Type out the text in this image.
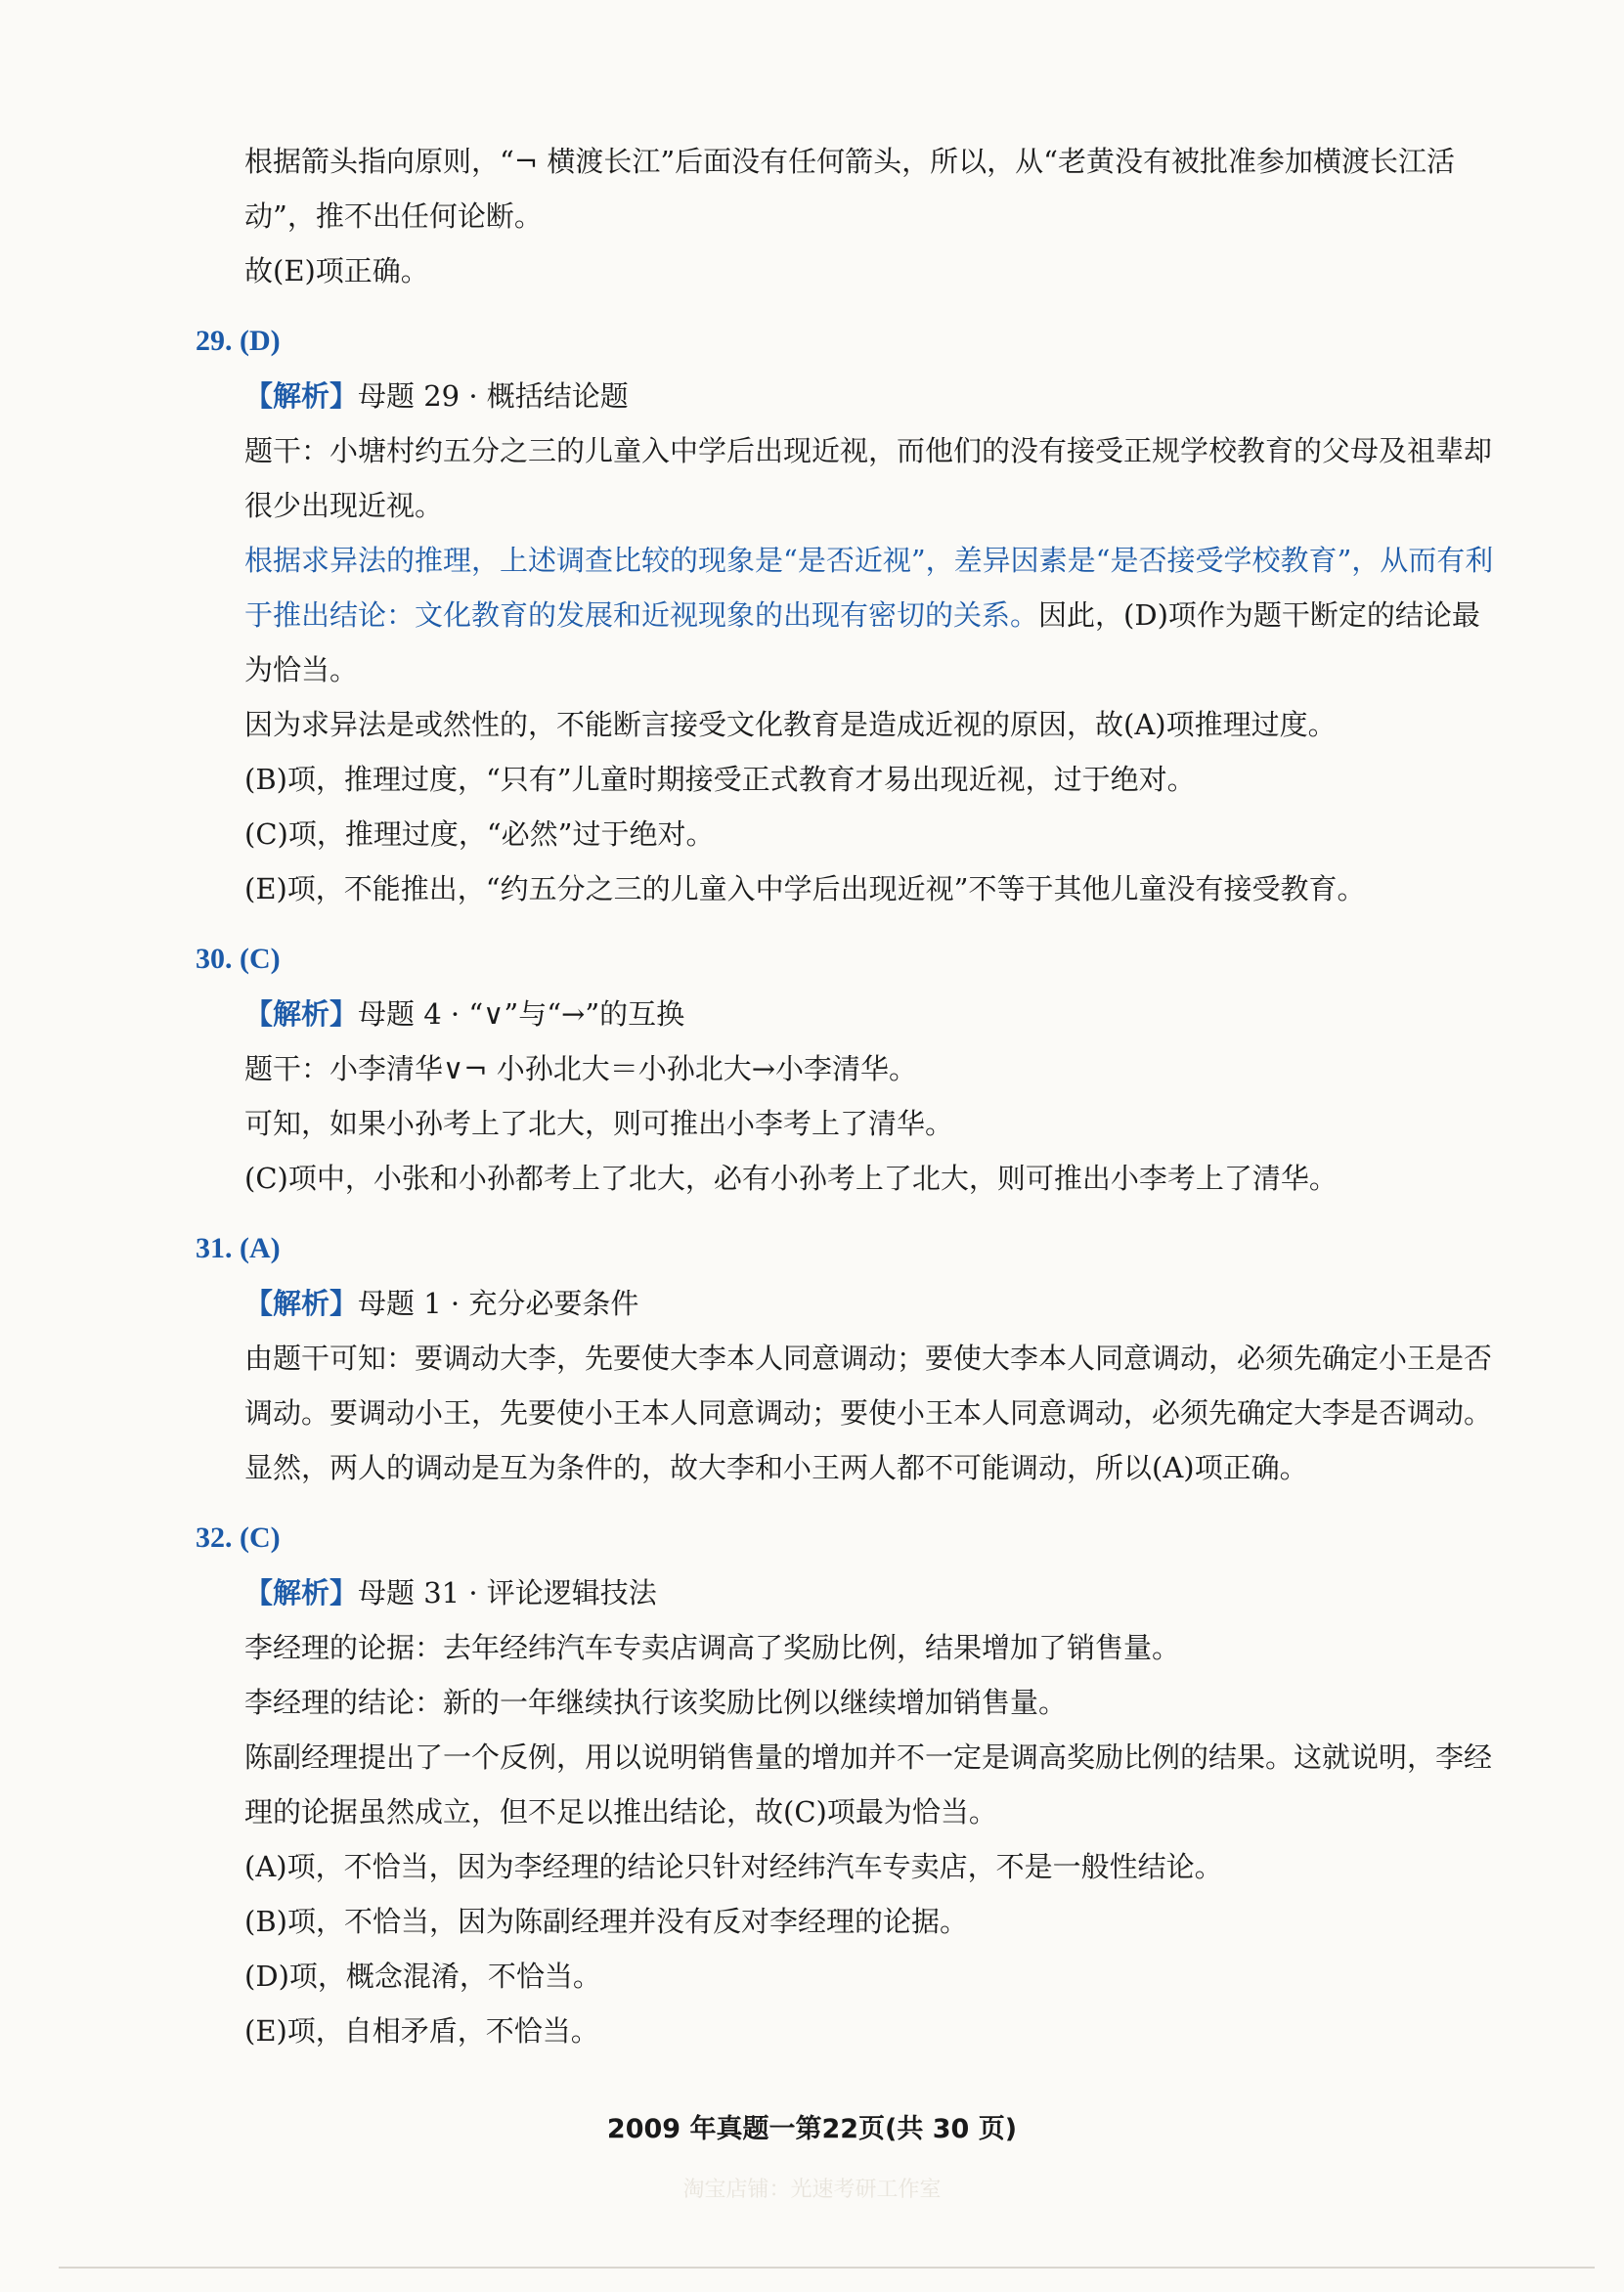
根据箭头指向原则，“¬ 横渡长江”后面没有任何箭头，所以，从“老黄没有被批准参加横渡长江活动”，推不出任何论断。

故(E)项正确。

29. (D)

【解析】母题 29 · 概括结论题

题干：小塘村约五分之三的儿童入中学后出现近视，而他们的没有接受正规学校教育的父母及祖辈却很少出现近视。

根据求异法的推理，上述调查比较的现象是“是否近视”，差异因素是“是否接受学校教育”，从而有利于推出结论：文化教育的发展和近视现象的出现有密切的关系。因此，(D)项作为题干断定的结论最为恰当。

因为求异法是或然性的，不能断言接受文化教育是造成近视的原因，故(A)项推理过度。

(B)项，推理过度，“只有”儿童时期接受正式教育才易出现近视，过于绝对。

(C)项，推理过度，“必然”过于绝对。

(E)项，不能推出，“约五分之三的儿童入中学后出现近视”不等于其他儿童没有接受教育。

30. (C)

【解析】母题 4 · “∨”与“→”的互换

题干：小李清华∨¬ 小孙北大＝小孙北大→小李清华。

可知，如果小孙考上了北大，则可推出小李考上了清华。

(C)项中，小张和小孙都考上了北大，必有小孙考上了北大，则可推出小李考上了清华。

31. (A)

【解析】母题 1 · 充分必要条件

由题干可知：要调动大李，先要使大李本人同意调动；要使大李本人同意调动，必须先确定小王是否调动。要调动小王，先要使小王本人同意调动；要使小王本人同意调动，必须先确定大李是否调动。

显然，两人的调动是互为条件的，故大李和小王两人都不可能调动，所以(A)项正确。

32. (C)

【解析】母题 31 · 评论逻辑技法

李经理的论据：去年经纬汽车专卖店调高了奖励比例，结果增加了销售量。

李经理的结论：新的一年继续执行该奖励比例以继续增加销售量。

陈副经理提出了一个反例，用以说明销售量的增加并不一定是调高奖励比例的结果。这就说明，李经理的论据虽然成立，但不足以推出结论，故(C)项最为恰当。

(A)项，不恰当，因为李经理的结论只针对经纬汽车专卖店，不是一般性结论。

(B)项，不恰当，因为陈副经理并没有反对李经理的论据。

(D)项，概念混淆，不恰当。

(E)项，自相矛盾，不恰当。

2009 年真题一第22页(共 30 页)
淘宝店铺：光速考研工作室
